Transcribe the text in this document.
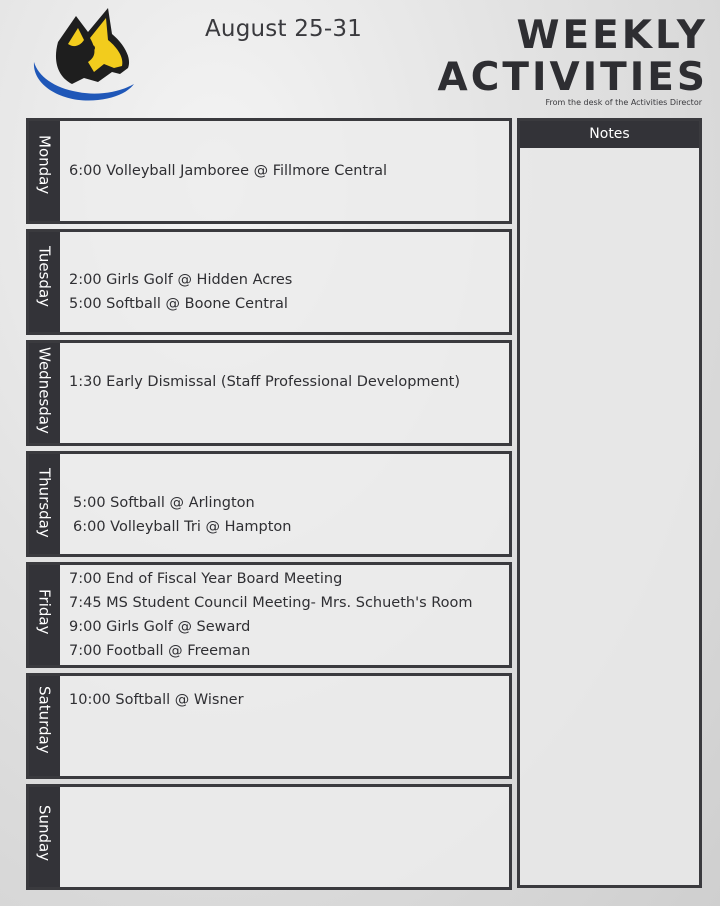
August 25-31	WEEKLY
ACTIVITIES
From the desk of the Activities Director
Monday	6:00 Volleyball Jamboree @ Fillmore Central
Tuesday	2:00 Girls Golf @ Hidden Acres
5:00 Softball @ Boone Central
Wednesday	1:30 Early Dismissal (Staff Professional Development)
Thursday	5:00 Softball @ Arlington
6:00 Volleyball Tri @ Hampton
Friday
7:00 End of Fiscal Year Board Meeting
7:45 MS Student Council Meeting- Mrs. Schueth's Room
9:00 Girls Golf @ Seward
7:00 Football @ Freeman
Saturday	10:00 Softball @ Wisner
Sunday
Notes
